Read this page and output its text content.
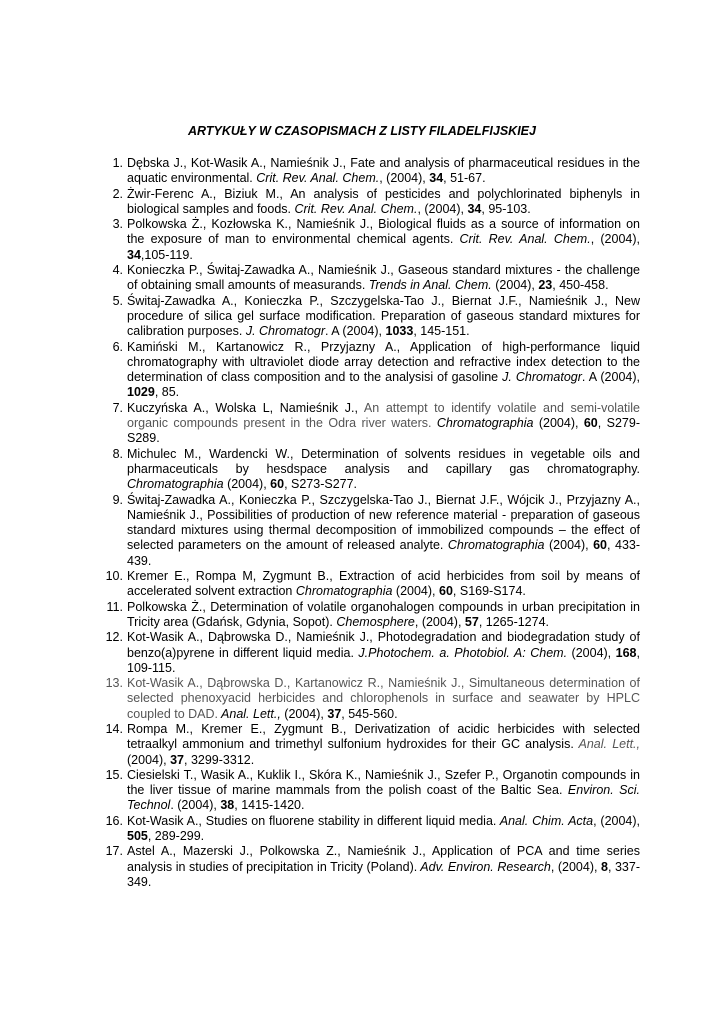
ARTYKUŁY W CZASOPISMACH Z LISTY FILADELFIJSKIEJ
1. Dębska J., Kot-Wasik A., Namieśnik J., Fate and analysis of pharmaceutical residues in the aquatic environmental. Crit. Rev. Anal. Chem., (2004), 34, 51-67.
2. Żwir-Ferenc A., Biziuk M., An analysis of pesticides and polychlorinated biphenyls in biological samples and foods. Crit. Rev. Anal. Chem., (2004), 34, 95-103.
3. Polkowska Ż., Kozłowska K., Namieśnik J., Biological fluids as a source of information on the exposure of man to environmental chemical agents. Crit. Rev. Anal. Chem., (2004), 34,105-119.
4. Konieczka P., Świtaj-Zawadka A., Namieśnik J., Gaseous standard mixtures - the challenge of obtaining small amounts of measurands. Trends in Anal. Chem. (2004), 23, 450-458.
5. Świtaj-Zawadka A., Konieczka P., Szczygelska-Tao J., Biernat J.F., Namieśnik J., New procedure of silica gel surface modification. Preparation of gaseous standard mixtures for calibration purposes. J. Chromatogr. A (2004), 1033, 145-151.
6. Kamiński M., Kartanowicz R., Przyjazny A., Application of high-performance liquid chromatography with ultraviolet diode array detection and refractive index detection to the determination of class composition and to the analysisi of gasoline J. Chromatogr. A (2004), 1029, 85.
7. Kuczyńska A., Wolska L, Namieśnik J., An attempt to identify volatile and semi-volatile organic compounds present in the Odra river waters. Chromatographia (2004), 60, S279-S289.
8. Michulec M., Wardencki W., Determination of solvents residues in vegetable oils and pharmaceuticals by hesdspace analysis and capillary gas chromatography. Chromatographia (2004), 60, S273-S277.
9. Świtaj-Zawadka A., Konieczka P., Szczygelska-Tao J., Biernat J.F., Wójcik J., Przyjazny A., Namieśnik J., Possibilities of production of new reference material - preparation of gaseous standard mixtures using thermal decomposition of immobilized compounds – the effect of selected parameters on the amount of released analyte. Chromatographia (2004), 60, 433-439.
10. Kremer E., Rompa M, Zygmunt B., Extraction of acid herbicides from soil by means of accelerated solvent extraction Chromatographia (2004), 60, S169-S174.
11. Polkowska Ż., Determination of volatile organohalogen compounds in urban precipitation in Tricity area (Gdańsk, Gdynia, Sopot). Chemosphere, (2004), 57, 1265-1274.
12. Kot-Wasik A., Dąbrowska D., Namieśnik J., Photodegradation and biodegradation study of benzo(a)pyrene in different liquid media. J.Photochem. a. Photobiol. A: Chem. (2004), 168, 109-115.
13. Kot-Wasik A., Dąbrowska D., Kartanowicz R., Namieśnik J., Simultaneous determination of selected phenoxyacid herbicides and chlorophenols in surface and seawater by HPLC coupled to DAD. Anal. Lett., (2004), 37, 545-560.
14. Rompa M., Kremer E., Zygmunt B., Derivatization of acidic herbicides with selected tetraalkyl ammonium and trimethyl sulfonium hydroxides for their GC analysis. Anal. Lett., (2004), 37, 3299-3312.
15. Ciesielski T., Wasik A., Kuklik I., Skóra K., Namieśnik J., Szefer P., Organotin compounds in the liver tissue of marine mammals from the polish coast of the Baltic Sea. Environ. Sci. Technol. (2004), 38, 1415-1420.
16. Kot-Wasik A., Studies on fluorene stability in different liquid media. Anal. Chim. Acta, (2004), 505, 289-299.
17. Astel A., Mazerski J., Polkowska Z., Namieśnik J., Application of PCA and time series analysis in studies of precipitation in Tricity (Poland). Adv. Environ. Research, (2004), 8, 337-349.
